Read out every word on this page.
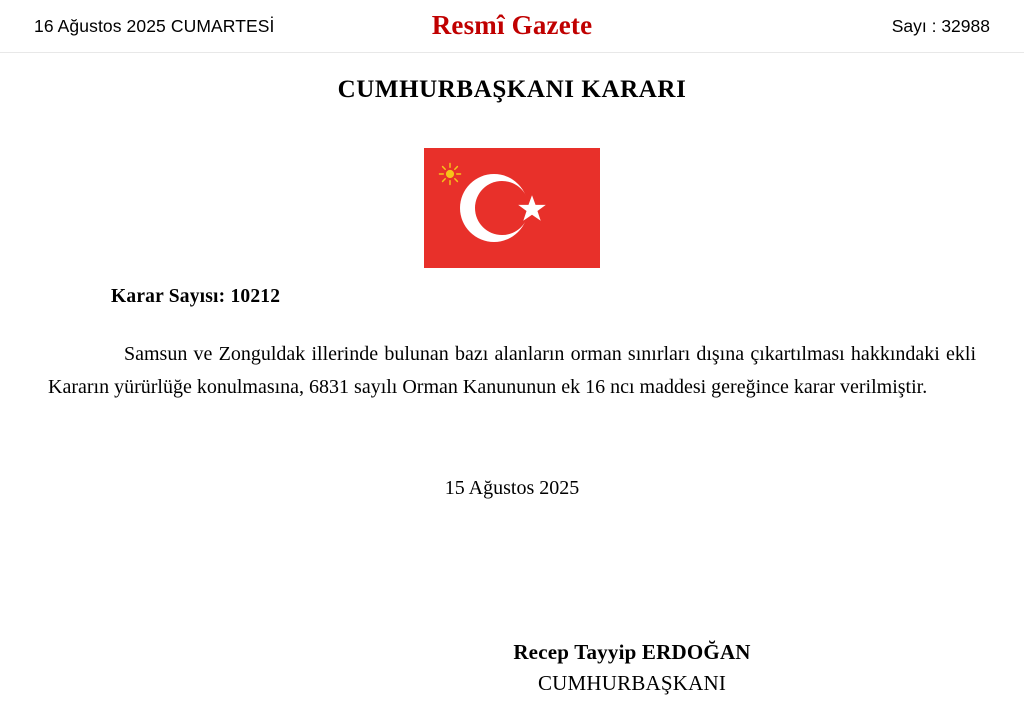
16 Ağustos 2025 CUMARTESİ	Resmî Gazete	Sayı : 32988
CUMHURBAŞKANI KARARI
Karar Sayısı: 10212
Samsun ve Zonguldak illerinde bulunan bazı alanların orman sınırları dışına çıkartılması hakkındaki ekli Kararın yürürlüğe konulmasına, 6831 sayılı Orman Kanununun ek 16 ncı maddesi gereğince karar verilmiştir.
15 Ağustos 2025
Recep Tayyip ERDOĞAN
CUMHURBAŞKANI
